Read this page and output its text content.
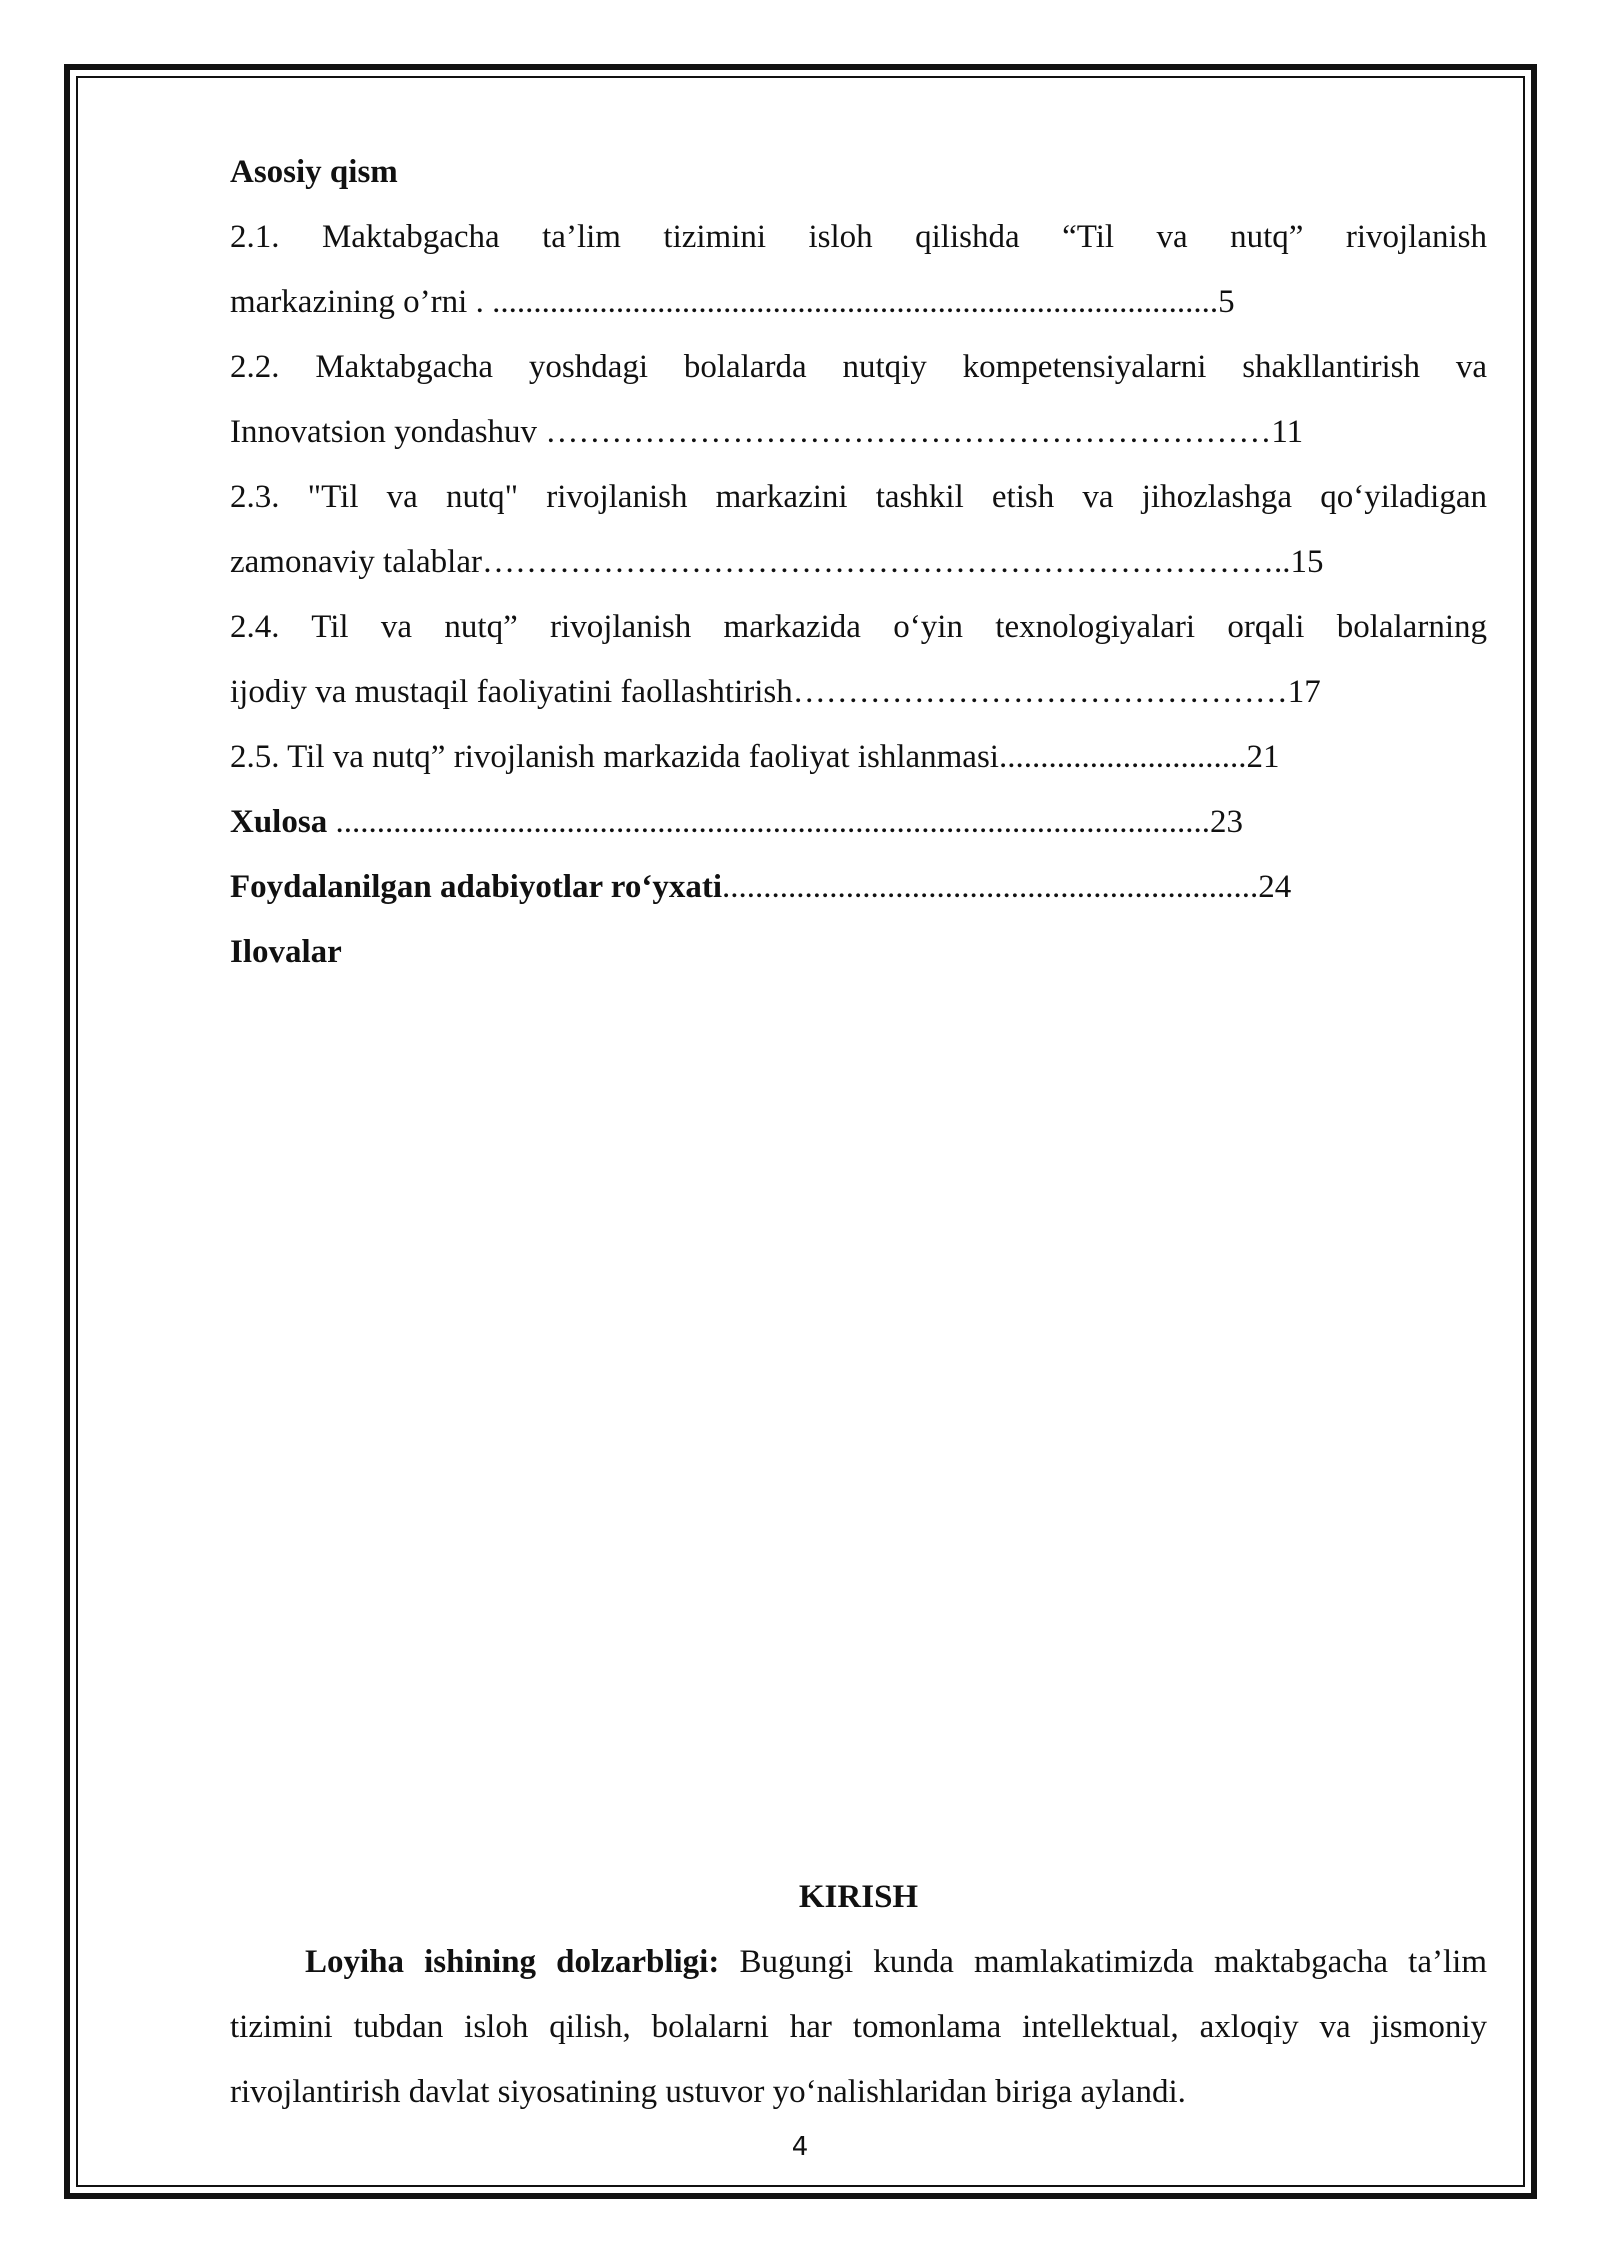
Asosiy qism
2.1. Maktabgacha ta’lim tizimini isloh qilishda “Til va nutq” rivojlanish
markazining o’rni . ........................................................................................5
2.2. Maktabgacha yoshdagi bolalarda nutqiy kompetensiyalarni shakllantirish va
Innovatsion yondashuv …………………………………………………………11
2.3. "Til va nutq" rivojlanish markazini tashkil etish va jihozlashga qo‘yiladigan
zamonaviy talablar………………………………………………………………..15
2.4. Til va nutq” rivojlanish markazida o‘yin texnologiyalari orqali bolalarning
ijodiy va mustaqil faoliyatini faollashtirish………………………………………17
2.5. Til va nutq” rivojlanish markazida faoliyat ishlanmasi..............................21
Xulosa ..........................................................................................................23
Foydalanilgan adabiyotlar ro‘yxati.................................................................24
Ilovalar
KIRISH
Loyiha ishining dolzarbligi: Bugungi kunda mamlakatimizda maktabgacha ta’lim tizimini tubdan isloh qilish, bolalarni har tomonlama intellektual, axloqiy va jismoniy rivojlantirish davlat siyosatining ustuvor yo‘nalishlaridan biriga aylandi.
4
